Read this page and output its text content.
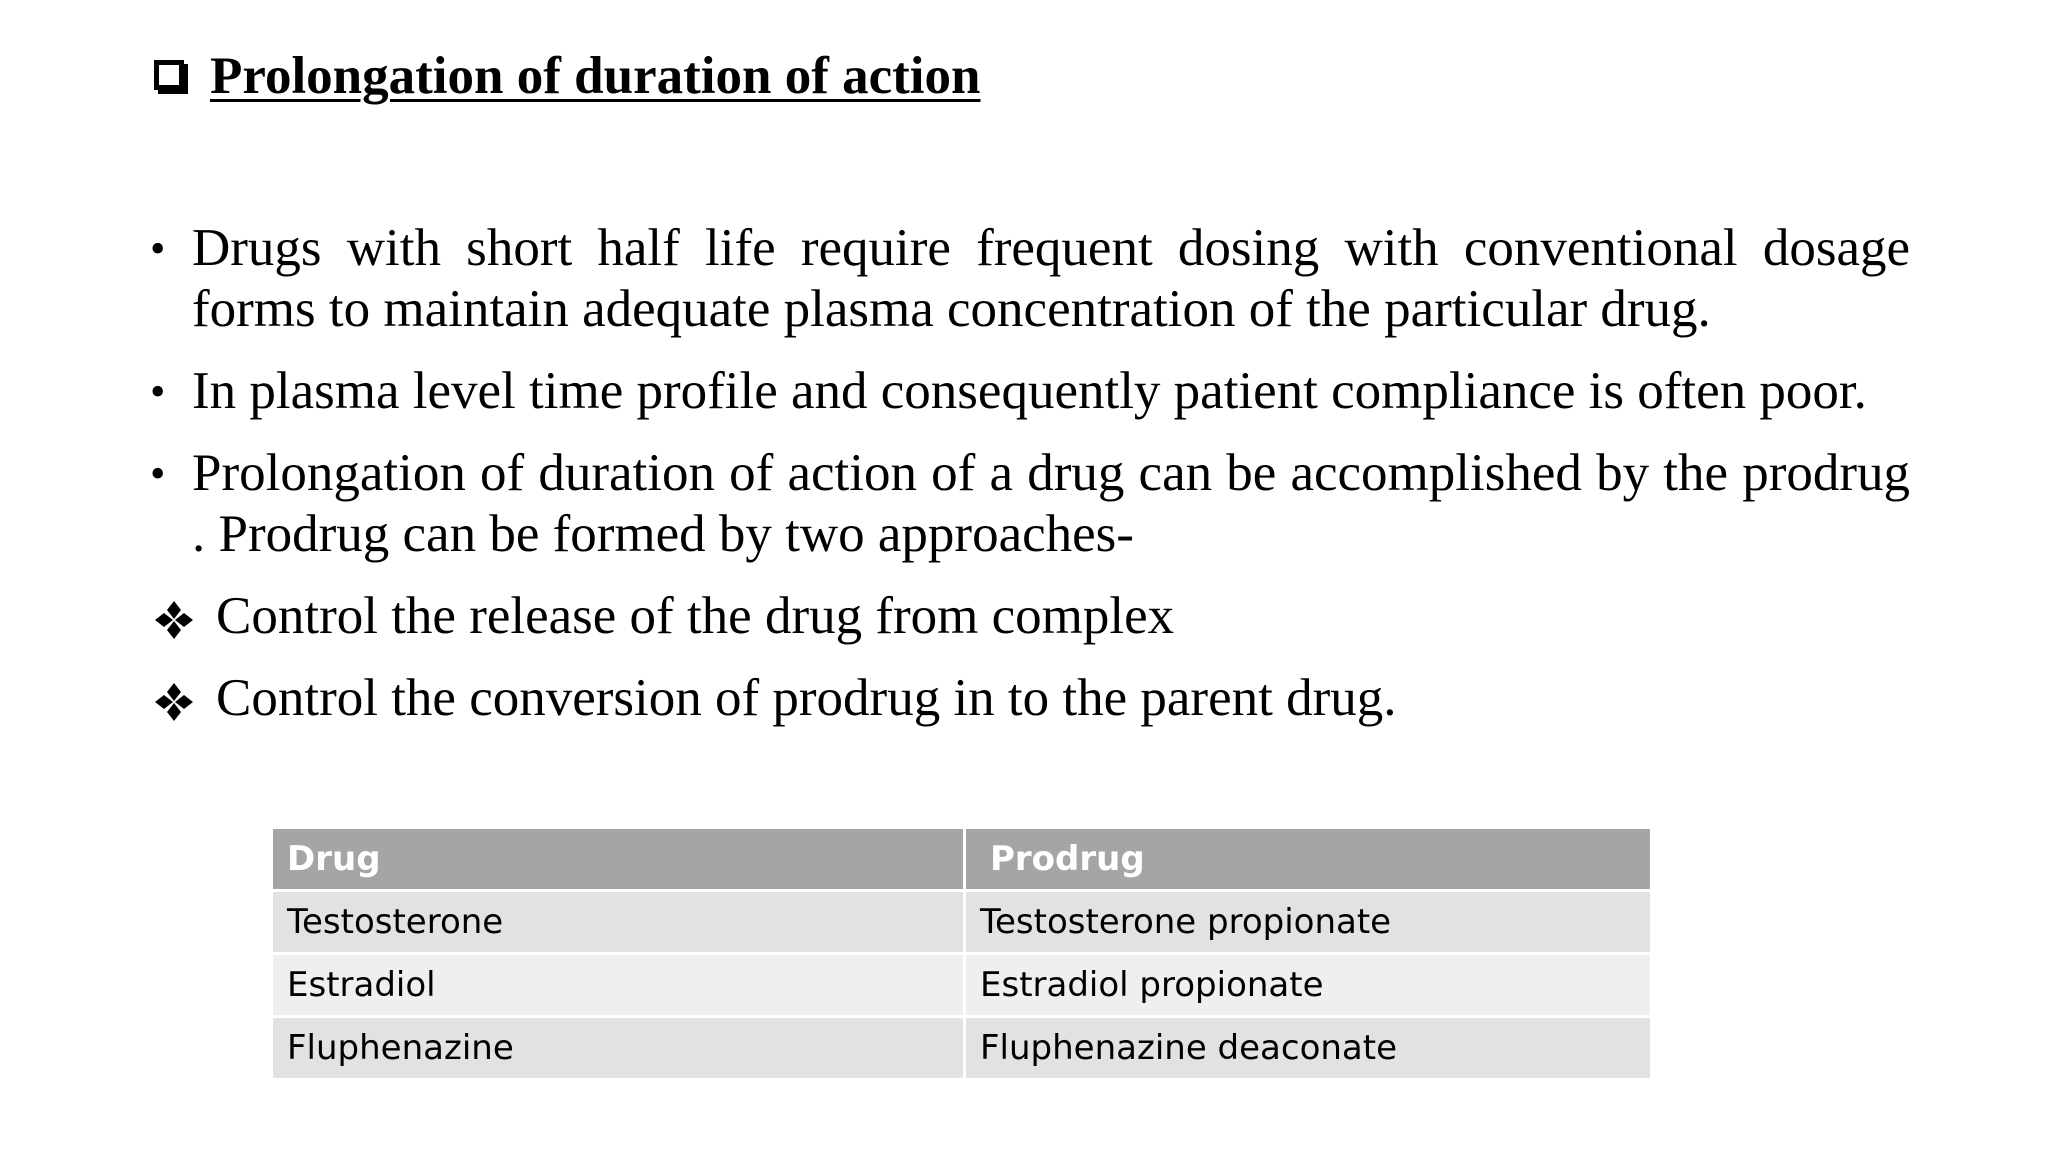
Prolongation of duration of action
• Drugs with short half life require frequent dosing with conventional dosage forms to maintain adequate plasma concentration of the particular drug.
• In plasma level time profile and consequently patient compliance is often poor.
• Prolongation of duration of action of a drug can be accomplished by the prodrug . Prodrug can be formed by two approaches-
Control the release of the drug from complex
Control the conversion of prodrug in to the parent drug.
Drug	Prodrug
Testosterone	Testosterone propionate
Estradiol	Estradiol propionate
Fluphenazine	Fluphenazine deaconate
